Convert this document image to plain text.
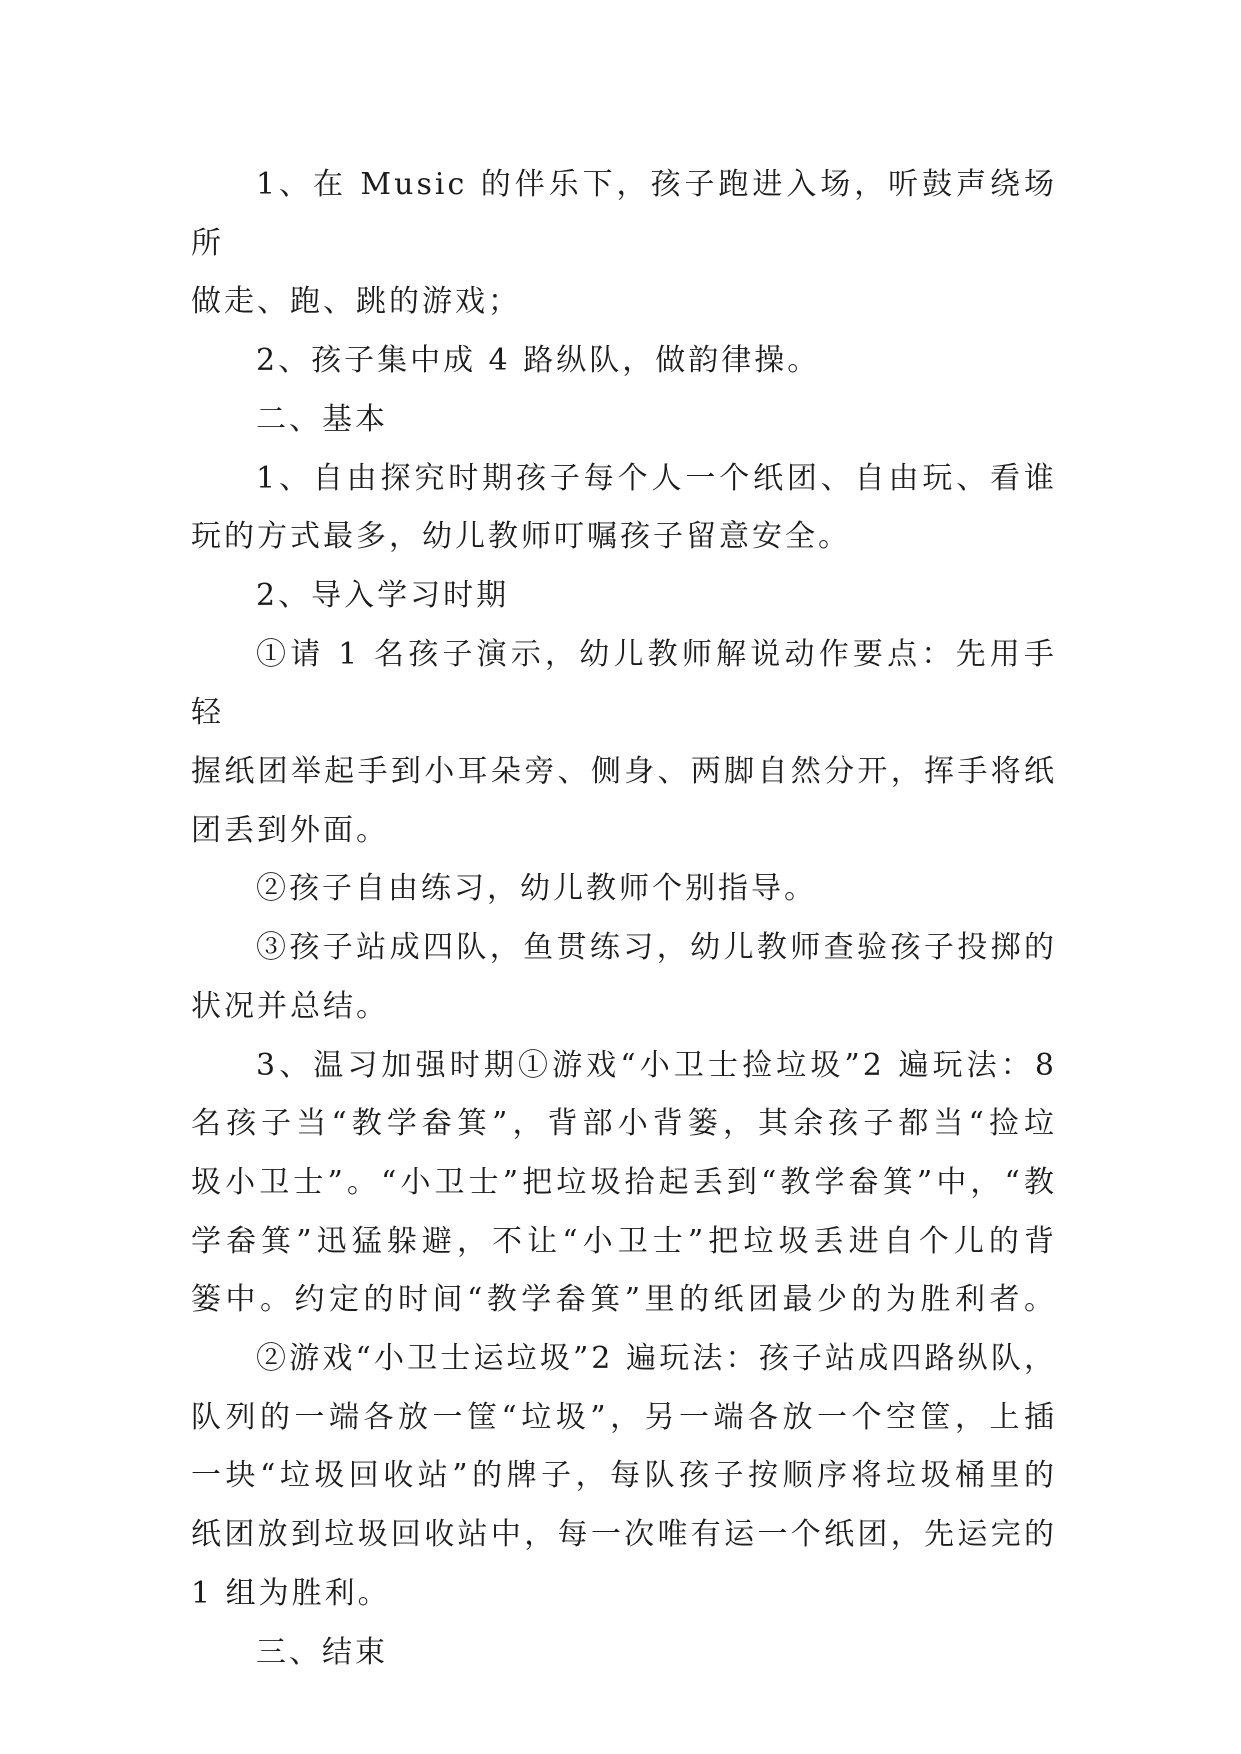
1、在 Music 的伴乐下，孩子跑进入场，听鼓声绕场所
做走、跑、跳的游戏；
2、孩子集中成 4 路纵队，做韵律操。
二、基本
1、自由探究时期孩子每个人一个纸团、自由玩、看谁
玩的方式最多，幼儿教师叮嘱孩子留意安全。
2、导入学习时期
①请 1 名孩子演示，幼儿教师解说动作要点：先用手轻
握纸团举起手到小耳朵旁、侧身、两脚自然分开，挥手将纸
团丢到外面。
②孩子自由练习，幼儿教师个别指导。
③孩子站成四队，鱼贯练习，幼儿教师查验孩子投掷的
状况并总结。
3、温习加强时期①游戏“小卫士捡垃圾”2 遍玩法：8
名孩子当“教学畚箕”，背部小背篓，其余孩子都当“捡垃
圾小卫士”。“小卫士”把垃圾拾起丢到“教学畚箕”中，“教
学畚箕”迅猛躲避，不让“小卫士”把垃圾丢进自个儿的背
篓中。约定的时间“教学畚箕”里的纸团最少的为胜利者。
②游戏“小卫士运垃圾”2 遍玩法：孩子站成四路纵队，
队列的一端各放一筐“垃圾”，另一端各放一个空筐，上插
一块“垃圾回收站”的牌子，每队孩子按顺序将垃圾桶里的
纸团放到垃圾回收站中，每一次唯有运一个纸团，先运完的
1 组为胜利。
三、结束
